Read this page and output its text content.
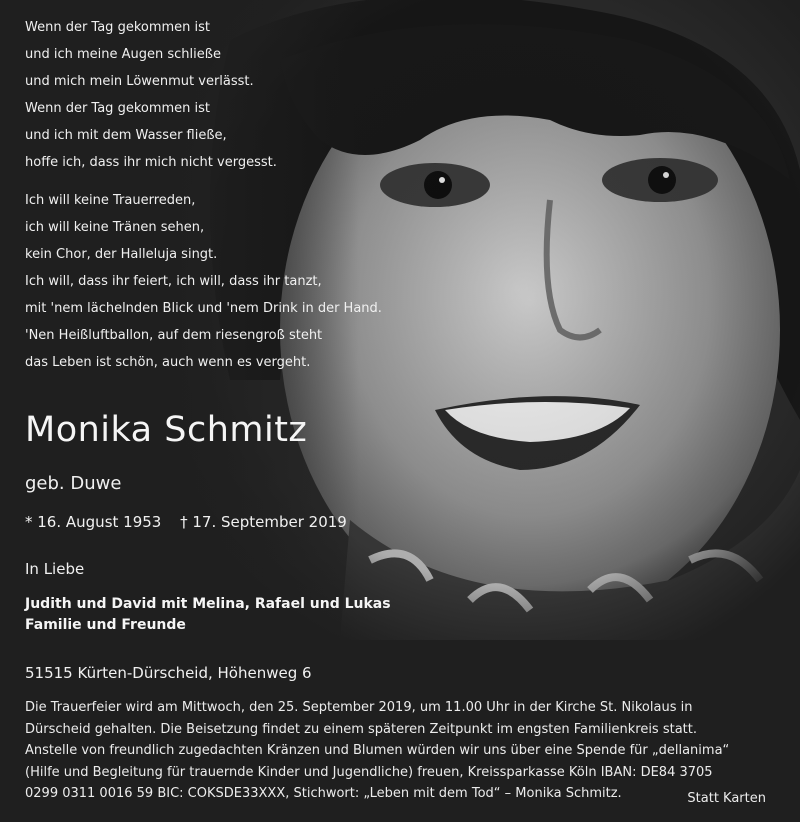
Wenn der Tag gekommen ist
und ich meine Augen schließe
und mich mein Löwenmut verlässt.
Wenn der Tag gekommen ist
und ich mit dem Wasser fließe,
hoffe ich, dass ihr mich nicht vergesst.
Ich will keine Trauerreden,
ich will keine Tränen sehen,
kein Chor, der Halleluja singt.
Ich will, dass ihr feiert, ich will, dass ihr tanzt,
mit 'nem lächelnden Blick und 'nem Drink in der Hand.
'Nen Heißluftballon, auf dem riesengroß steht
das Leben ist schön, auch wenn es vergeht.
Monika Schmitz
geb. Duwe
* 16. August 1953 † 17. September 2019
In Liebe
Judith und David mit Melina, Rafael und Lukas
Familie und Freunde
51515 Kürten-Dürscheid, Höhenweg 6
Die Trauerfeier wird am Mittwoch, den 25. September 2019, um 11.00 Uhr in der Kirche St. Nikolaus in
Dürscheid gehalten. Die Beisetzung findet zu einem späteren Zeitpunkt im engsten Familienkreis statt.
Anstelle von freundlich zugedachten Kränzen und Blumen würden wir uns über eine Spende für „dellanima“
(Hilfe und Begleitung für trauernde Kinder und Jugendliche) freuen, Kreissparkasse Köln IBAN: DE84 3705
0299 0311 0016 59 BIC: COKSDE33XXX, Stichwort: „Leben mit dem Tod“ – Monika Schmitz.	Statt Karten
